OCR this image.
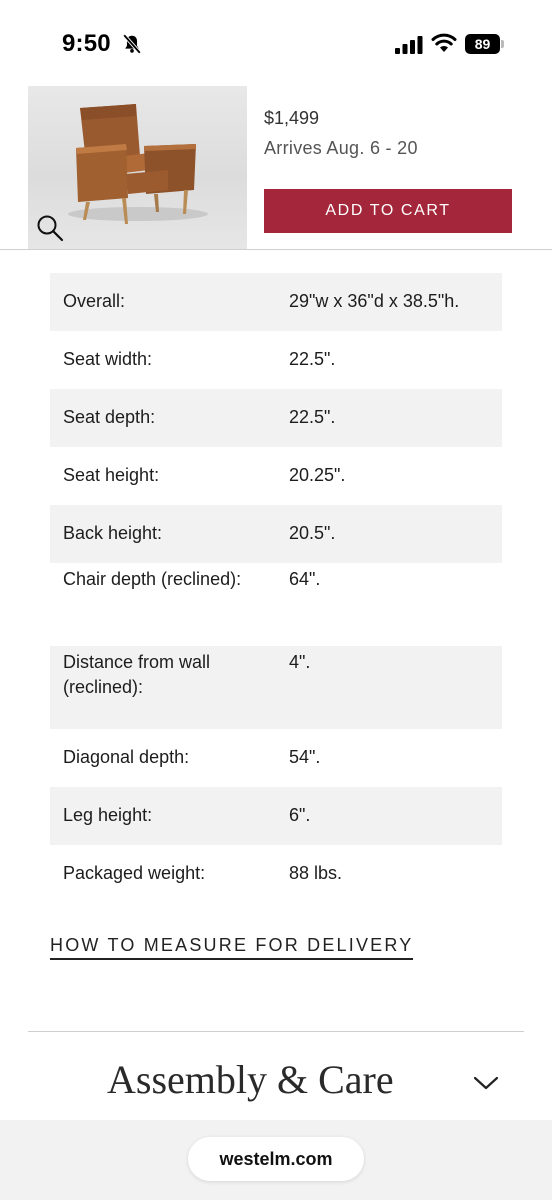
9:50	89
$1,499
Arrives Aug. 6 - 20
ADD TO CART
Overall:	29"w x 36"d x 38.5"h.
Seat width:	22.5".
Seat depth:	22.5".
Seat height:	20.25".
Back height:	20.5".
Chair depth (reclined):	64".
Distance from wall (reclined):
4".
Diagonal depth:	54".
Leg height:	6".
Packaged weight:	88 lbs.
HOW TO MEASURE FOR DELIVERY
Assembly & Care
westelm.com
